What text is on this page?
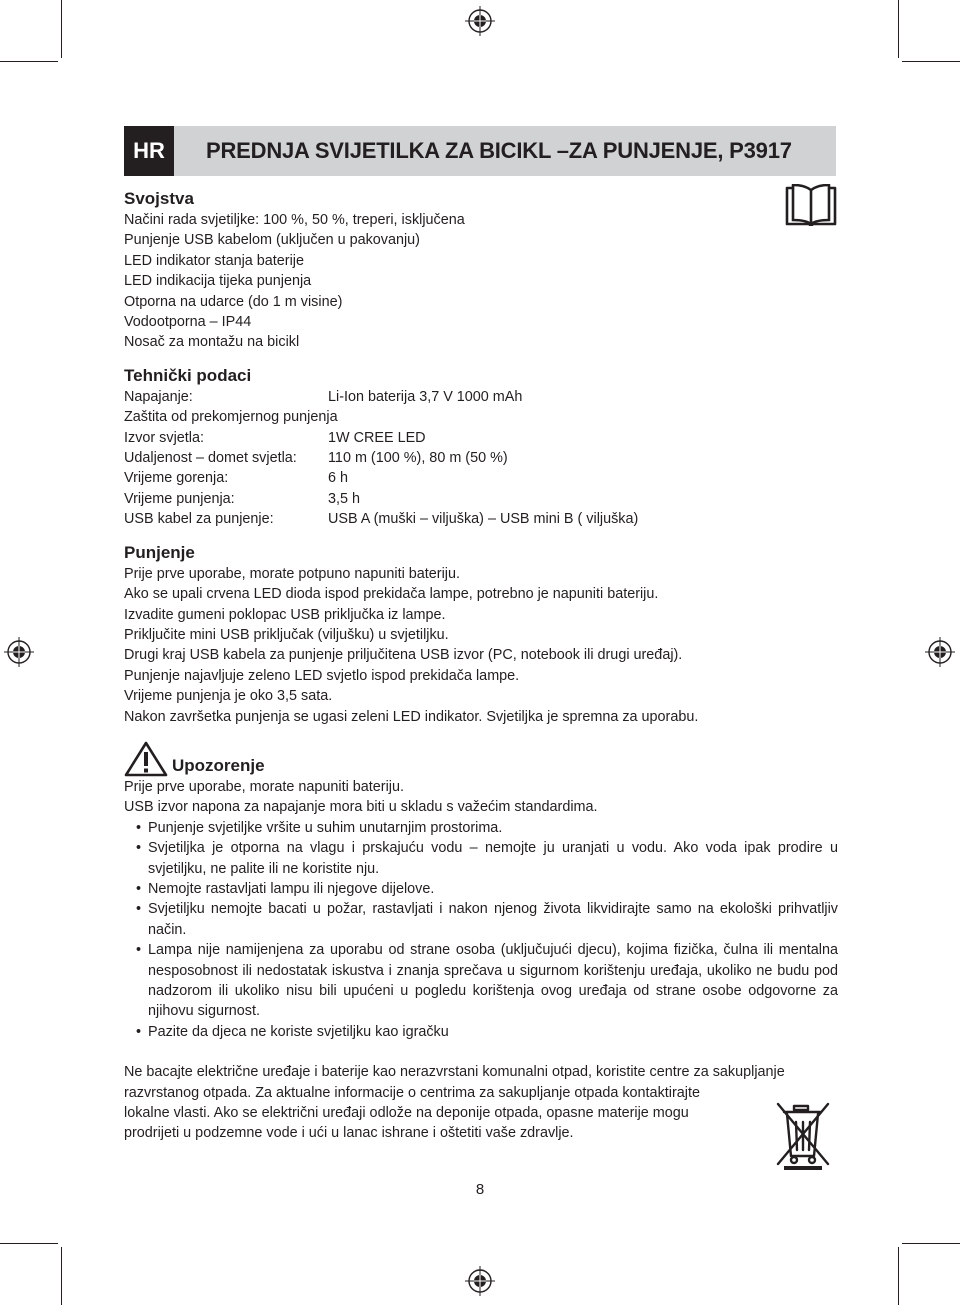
HR	PREDNJA SVIJETILKA ZA BICIKL –ZA PUNJENJE, P3917
Svojstva

Načini rada svjetiljke: 100 %, 50 %, treperi, isključena

Punjenje USB kabelom (uključen u pakovanju)

LED indikator stanja baterije

LED indikacija tijeka punjenja

Otporna na udarce (do 1 m visine)

Vodootporna – IP44

Nosač za montažu na bicikl

Tehnički podaci
Napajanje:	Li-Ion baterija 3,7 V 1000 mAh
Zaštita od prekomjernog punjenja
Izvor svjetla:	1W CREE LED
Udaljenost – domet svjetla:	110 m (100 %), 80 m (50 %)
Vrijeme gorenja:	6 h
Vrijeme punjenja:	3,5 h
USB kabel za punjenje:	USB A (muški – viljuška) – USB mini B ( viljuška)
Punjenje

Prije prve uporabe, morate potpuno napuniti bateriju.

Ako se upali crvena LED dioda ispod prekidača lampe, potrebno je napuniti bateriju.

Izvadite gumeni poklopac USB priključka iz lampe.

Priključite mini USB priključak (viljušku) u svjetiljku.

Drugi kraj USB kabela za punjenje priljučitena USB izvor (PC, notebook ili drugi uređaj).

Punjenje najavljuje zeleno LED svjetlo ispod prekidača lampe.

Vrijeme punjenja je oko 3,5 sata.

Nakon završetka punjenja se ugasi zeleni LED indikator. Svjetiljka je spremna za uporabu.

Upozorenje

Prije prve uporabe, morate napuniti bateriju.

USB izvor napona za napajanje mora biti u skladu s važećim standardima.

• Punjenje svjetiljke vršite u suhim unutarnjim prostorima.
• Svjetiljka je otporna na vlagu i prskajuću vodu – nemojte ju uranjati u vodu. Ako voda ipak prodire u svjetiljku, ne palite ili ne koristite nju.
• Nemojte rastavljati lampu ili njegove dijelove.
• Svjetiljku nemojte bacati u požar, rastavljati i nakon njenog života likvidirajte samo na ekološki prihvatljiv način.
• Lampa nije namijenjena za uporabu od strane osoba (uključujući djecu), kojima fizička, čulna ili mentalna nesposobnost ili nedostatak iskustva i znanja sprečava u sigurnom korištenju uređaja, ukoliko ne budu pod nadzorom ili ukoliko nisu bili upućeni u pogledu korištenja ovog uređaja od strane osobe odgovorne za njihovu sigurnost.
• Pazite da djeca ne koriste svjetiljku kao igračku

Ne bacajte električne uređaje i baterije kao nerazvrstani komunalni otpad, koristite centre za sakupljanje

razvrstanog otpada. Za aktualne informacije o centrima za sakupljanje otpada kontaktirajte

lokalne vlasti. Ako se električni uređaji odlože na deponije otpada, opasne materije mogu

prodrijeti u podzemne vode i ući u lanac ishrane i oštetiti vaše zdravlje.

8
